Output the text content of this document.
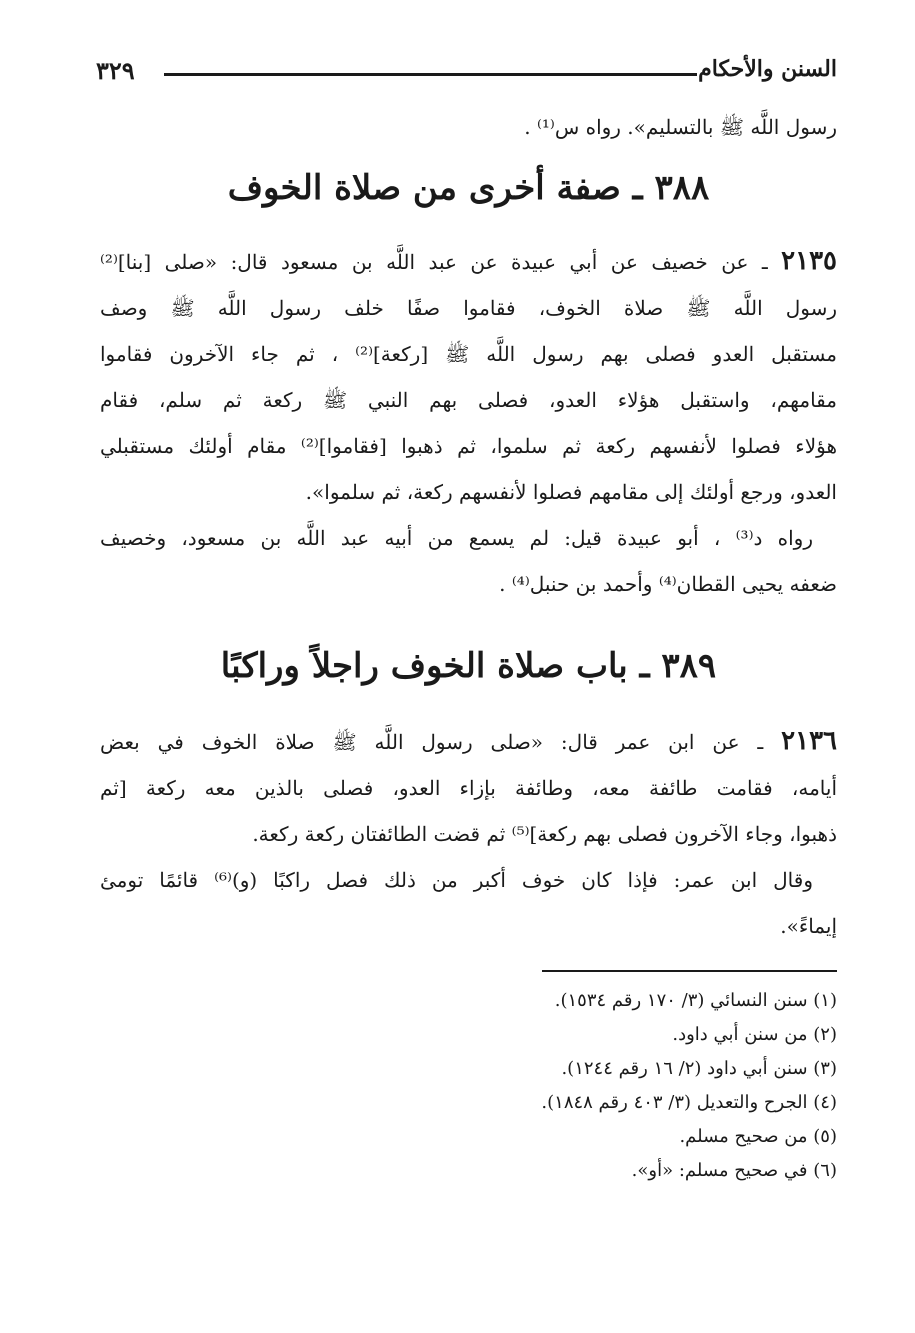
السنن والأحكام
٣٢٩
رسول اللَّه ﷺ بالتسليم». رواه س⁽¹⁾ .
٣٨٨ ـ صفة أخرى من صلاة الخوف
٢١٣٥ ـ عن خصيف عن أبي عبيدة عن عبد اللَّه بن مسعود قال: «صلى [بنا]⁽²⁾
رسول اللَّه ﷺ صلاة الخوف، فقاموا صفًا خلف رسول اللَّه ﷺ وصف
مستقبل العدو فصلى بهم رسول اللَّه ﷺ [ركعة]⁽²⁾ ، ثم جاء الآخرون فقاموا
مقامهم، واستقبل هؤلاء العدو، فصلى بهم النبي ﷺ ركعة ثم سلم، فقام
هؤلاء فصلوا لأنفسهم ركعة ثم سلموا، ثم ذهبوا [فقاموا]⁽²⁾ مقام أولئك مستقبلي
العدو، ورجع أولئك إلى مقامهم فصلوا لأنفسهم ركعة، ثم سلموا».
رواه د⁽³⁾ ، أبو عبيدة قيل: لم يسمع من أبيه عبد اللَّه بن مسعود، وخصيف
ضعفه يحيى القطان⁽⁴⁾ وأحمد بن حنبل⁽⁴⁾ .
٣٨٩ ـ باب صلاة الخوف راجلاً وراكبًا
٢١٣٦ ـ عن ابن عمر قال: «صلى رسول اللَّه ﷺ صلاة الخوف في بعض
أيامه، فقامت طائفة معه، وطائفة بإزاء العدو، فصلى بالذين معه ركعة [ثم
ذهبوا، وجاء الآخرون فصلى بهم ركعة]⁽⁵⁾ ثم قضت الطائفتان ركعة ركعة.
وقال ابن عمر: فإذا كان خوف أكبر من ذلك فصل راكبًا (و)⁽⁶⁾ قائمًا تومئ
إيماءً».
(١) سنن النسائي (٣/ ١٧٠ رقم ١٥٣٤).
(٢) من سنن أبي داود.
(٣) سنن أبي داود (٢/ ١٦ رقم ١٢٤٤).
(٤) الجرح والتعديل (٣/ ٤٠٣ رقم ١٨٤٨).
(٥) من صحيح مسلم.
(٦) في صحيح مسلم: «أو».
